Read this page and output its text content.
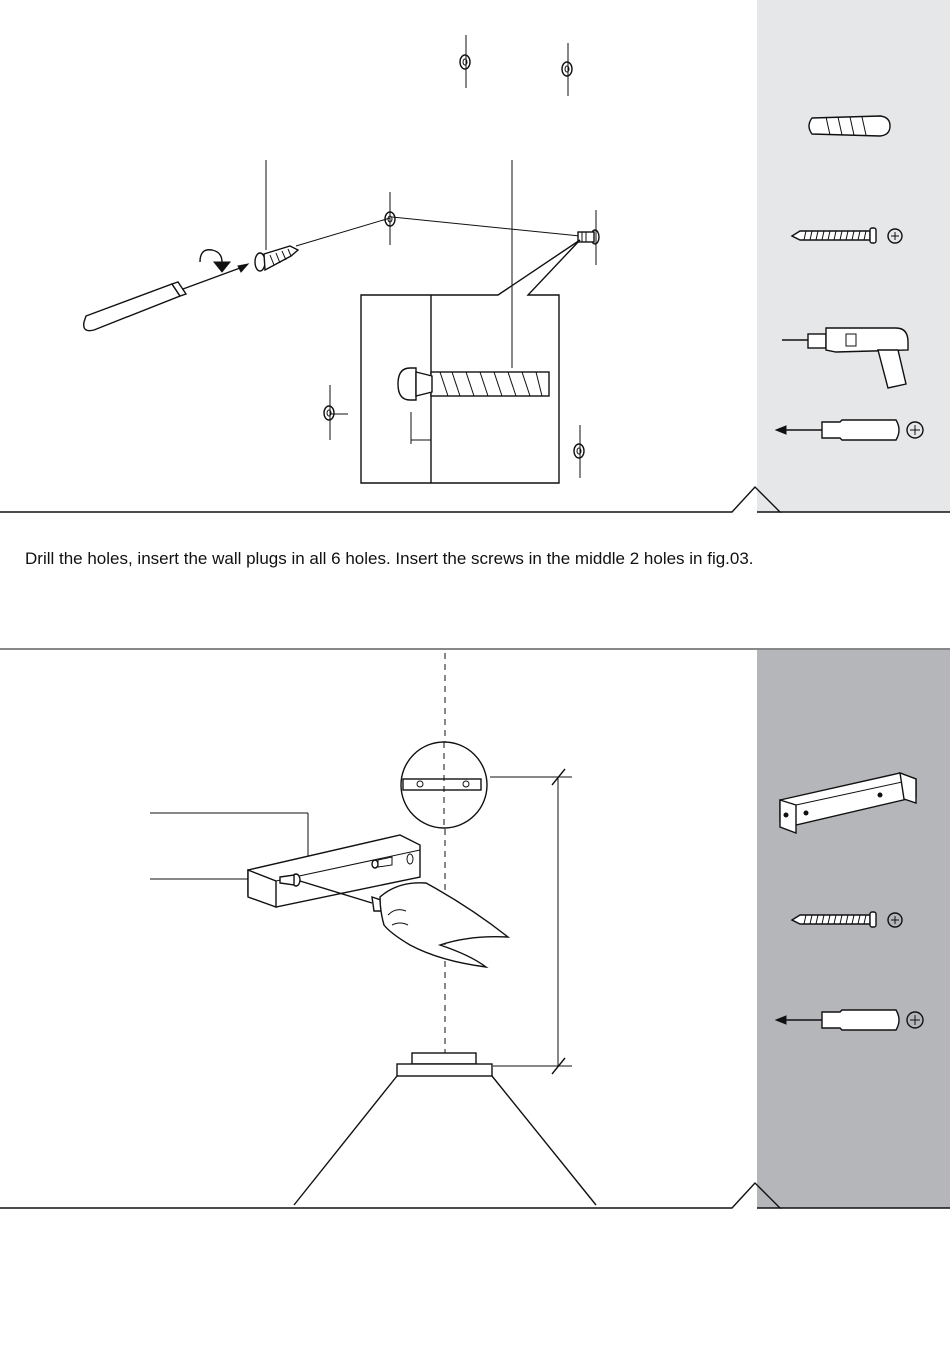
Drill the holes, insert the wall plugs in all 6 holes. Insert the screws in the middle 2 holes in fig.03.
